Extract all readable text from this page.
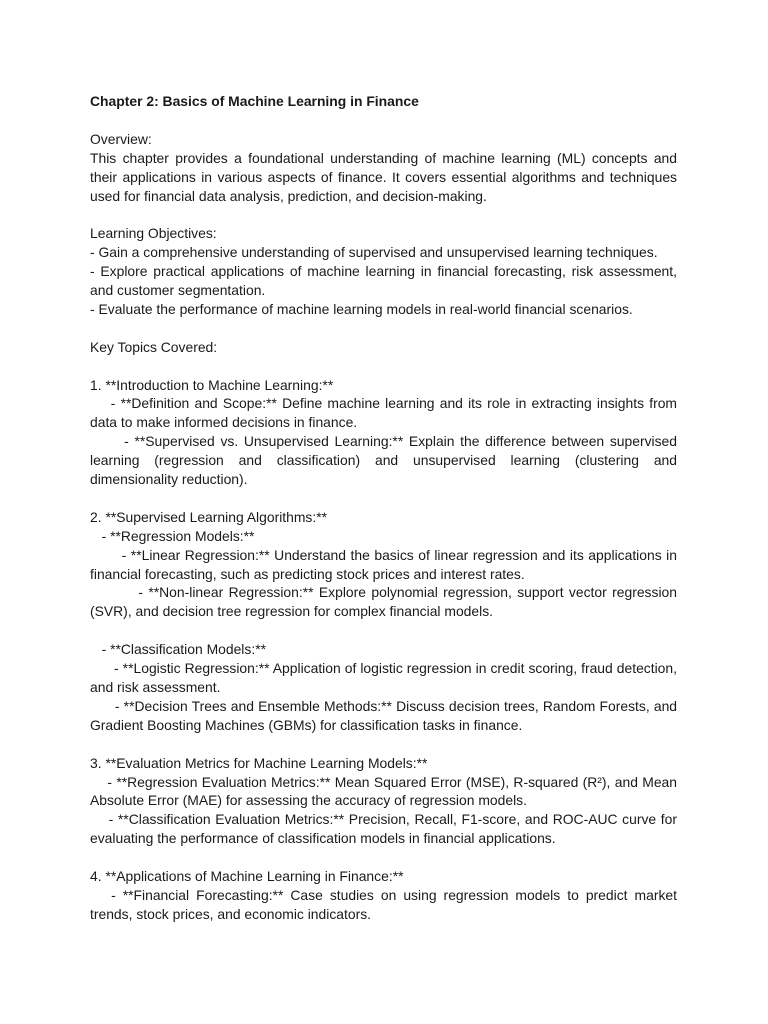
Chapter 2: Basics of Machine Learning in Finance

Overview:

This chapter provides a foundational understanding of machine learning (ML) concepts and their applications in various aspects of finance. It covers essential algorithms and techniques used for financial data analysis, prediction, and decision-making.

Learning Objectives:

- Gain a comprehensive understanding of supervised and unsupervised learning techniques.

- Explore practical applications of machine learning in financial forecasting, risk assessment, and customer segmentation.

- Evaluate the performance of machine learning models in real-world financial scenarios.

Key Topics Covered:

1. **Introduction to Machine Learning:**

- **Definition and Scope:** Define machine learning and its role in extracting insights from data to make informed decisions in finance.

- **Supervised vs. Unsupervised Learning:** Explain the difference between supervised learning (regression and classification) and unsupervised learning (clustering and dimensionality reduction).

2. **Supervised Learning Algorithms:**

- **Regression Models:**

- **Linear Regression:** Understand the basics of linear regression and its applications in financial forecasting, such as predicting stock prices and interest rates.

- **Non-linear Regression:** Explore polynomial regression, support vector regression (SVR), and decision tree regression for complex financial models.

- **Classification Models:**

- **Logistic Regression:** Application of logistic regression in credit scoring, fraud detection, and risk assessment.

- **Decision Trees and Ensemble Methods:** Discuss decision trees, Random Forests, and Gradient Boosting Machines (GBMs) for classification tasks in finance.

3. **Evaluation Metrics for Machine Learning Models:**

- **Regression Evaluation Metrics:** Mean Squared Error (MSE), R-squared (R²), and Mean Absolute Error (MAE) for assessing the accuracy of regression models.

- **Classification Evaluation Metrics:** Precision, Recall, F1-score, and ROC-AUC curve for evaluating the performance of classification models in financial applications.

4. **Applications of Machine Learning in Finance:**

- **Financial Forecasting:** Case studies on using regression models to predict market trends, stock prices, and economic indicators.
